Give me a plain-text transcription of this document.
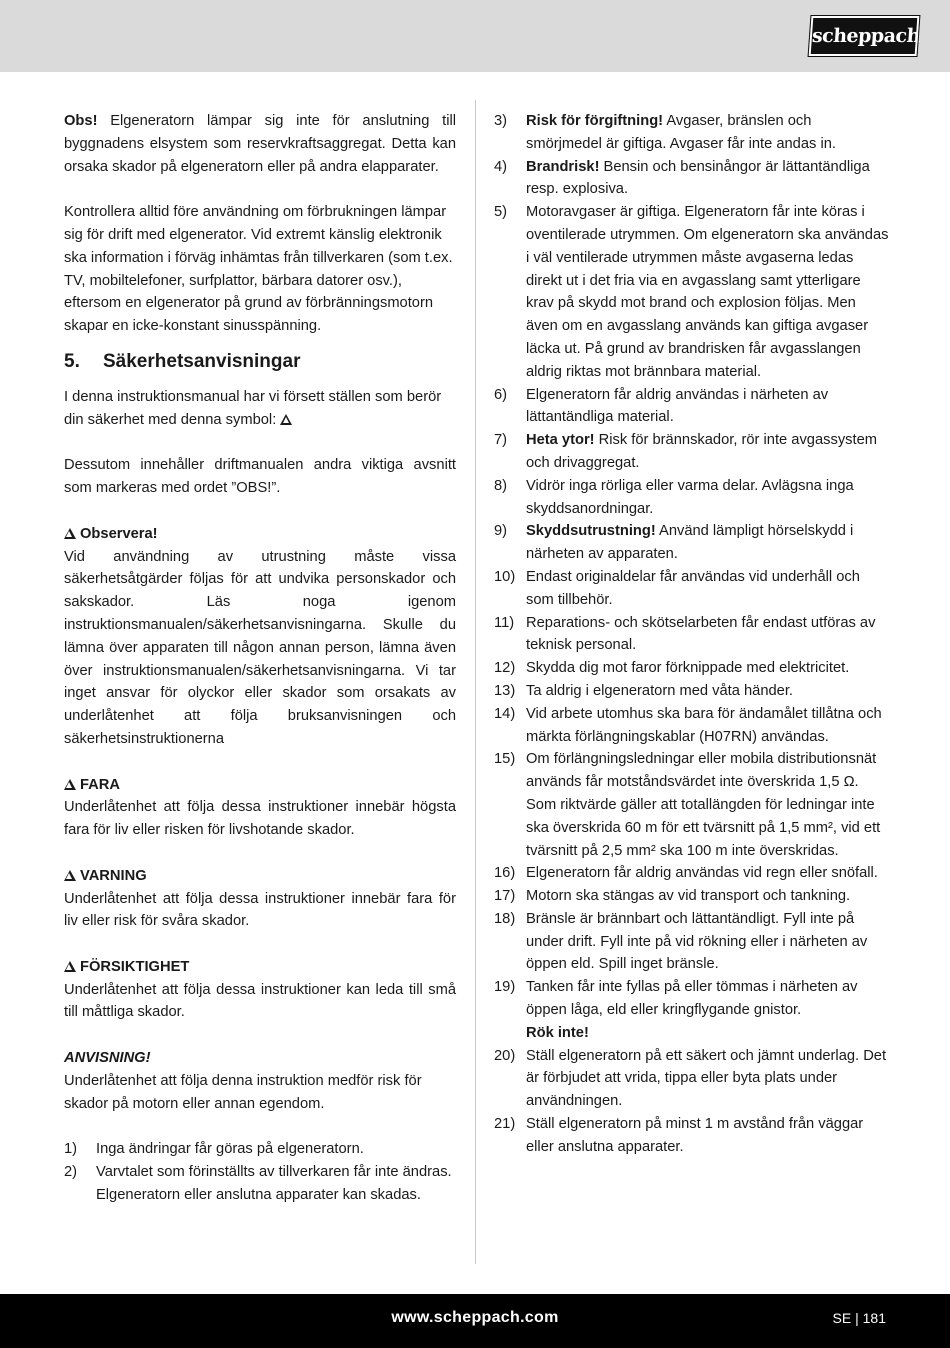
scheppach

Obs! Elgeneratorn lämpar sig inte för anslutning till byggnadens elsystem som reservkraftsaggregat. Detta kan orsaka skador på elgeneratorn eller på andra elapparater.

Kontrollera alltid före användning om förbrukningen lämpar sig för drift med elgenerator. Vid extremt känslig elektronik ska information i förväg inhämtas från tillverkaren (som t.ex. TV, mobiltelefoner, surfplattor, bärbara datorer osv.), eftersom en elgenerator på grund av förbränningsmotorn skapar en icke-konstant sinusspänning.

5.	Säkerhetsanvisningar

I denna instruktionsmanual har vi försett ställen som berör din säkerhet med denna symbol:

Dessutom innehåller driftmanualen andra viktiga avsnitt som markeras med ordet ”OBS!”.

Observera!

Vid användning av utrustning måste vissa säkerhetsåtgärder följas för att undvika personskador och sakskador. Läs noga igenom instruktionsmanualen/säkerhetsanvisningarna. Skulle du lämna över apparaten till någon annan person, lämna även över instruktionsmanualen/säkerhetsanvisningarna. Vi tar inget ansvar för olyckor eller skador som orsakats av underlåtenhet att följa bruksanvisningen och säkerhetsinstruktionerna

FARA

Underlåtenhet att följa dessa instruktioner innebär högsta fara för liv eller risken för livshotande skador.

VARNING

Underlåtenhet att följa dessa instruktioner innebär fara för liv eller risk för svåra skador.

FÖRSIKTIGHET

Underlåtenhet att följa dessa instruktioner kan leda till små till måttliga skador.

ANVISNING!

Underlåtenhet att följa denna instruktion medför risk för skador på motorn eller annan egendom.

1)	Inga ändringar får göras på elgeneratorn.
2)	Varvtalet som förinställts av tillverkaren får inte ändras. Elgeneratorn eller anslutna apparater kan skadas.
3)	Risk för förgiftning! Avgaser, bränslen och smörjmedel är giftiga. Avgaser får inte andas in.
4)	Brandrisk! Bensin och bensinångor är lättantändliga resp. explosiva.
5)	Motoravgaser är giftiga. Elgeneratorn får inte köras i oventilerade utrymmen. Om elgeneratorn ska användas i väl ventilerade utrymmen måste avgaserna ledas direkt ut i det fria via en avgasslang samt ytterligare krav på skydd mot brand och explosion följas. Men även om en avgasslang används kan giftiga avgaser läcka ut. På grund av brandrisken får avgasslangen aldrig riktas mot brännbara material.
6)	Elgeneratorn får aldrig användas i närheten av lättantändliga material.
7)	Heta ytor! Risk för brännskador, rör inte avgassystem och drivaggregat.
8)	Vidrör inga rörliga eller varma delar. Avlägsna inga skyddsanordningar.
9)	Skyddsutrustning! Använd lämpligt hörselskydd i närheten av apparaten.
10) Endast originaldelar får användas vid underhåll och som tillbehör.
11) Reparations- och skötselarbeten får endast utföras av teknisk personal.
12) Skydda dig mot faror förknippade med elektricitet.
13) Ta aldrig i elgeneratorn med våta händer.
14) Vid arbete utomhus ska bara för ändamålet tillåtna och märkta förlängningskablar (H07RN) användas.
15) Om förlängningsledningar eller mobila distributionsnät används får motståndsvärdet inte överskrida 1,5 Ω. Som riktvärde gäller att totallängden för ledningar inte ska överskrida 60 m för ett tvärsnitt på 1,5 mm², vid ett tvärsnitt på 2,5 mm² ska 100 m inte överskridas.
16) Elgeneratorn får aldrig användas vid regn eller snöfall.
17) Motorn ska stängas av vid transport och tankning.
18) Bränsle är brännbart och lättantändligt. Fyll inte på under drift. Fyll inte på vid rökning eller i närheten av öppen eld. Spill inget bränsle.
19) Tanken får inte fyllas på eller tömmas i närheten av öppen låga, eld eller kringflygande gnistor.
Rök inte!
20) Ställ elgeneratorn på ett säkert och jämnt underlag. Det är förbjudet att vrida, tippa eller byta plats under användningen.
21) Ställ elgeneratorn på minst 1 m avstånd från väggar eller anslutna apparater.
www.scheppach.com	SE | 181
